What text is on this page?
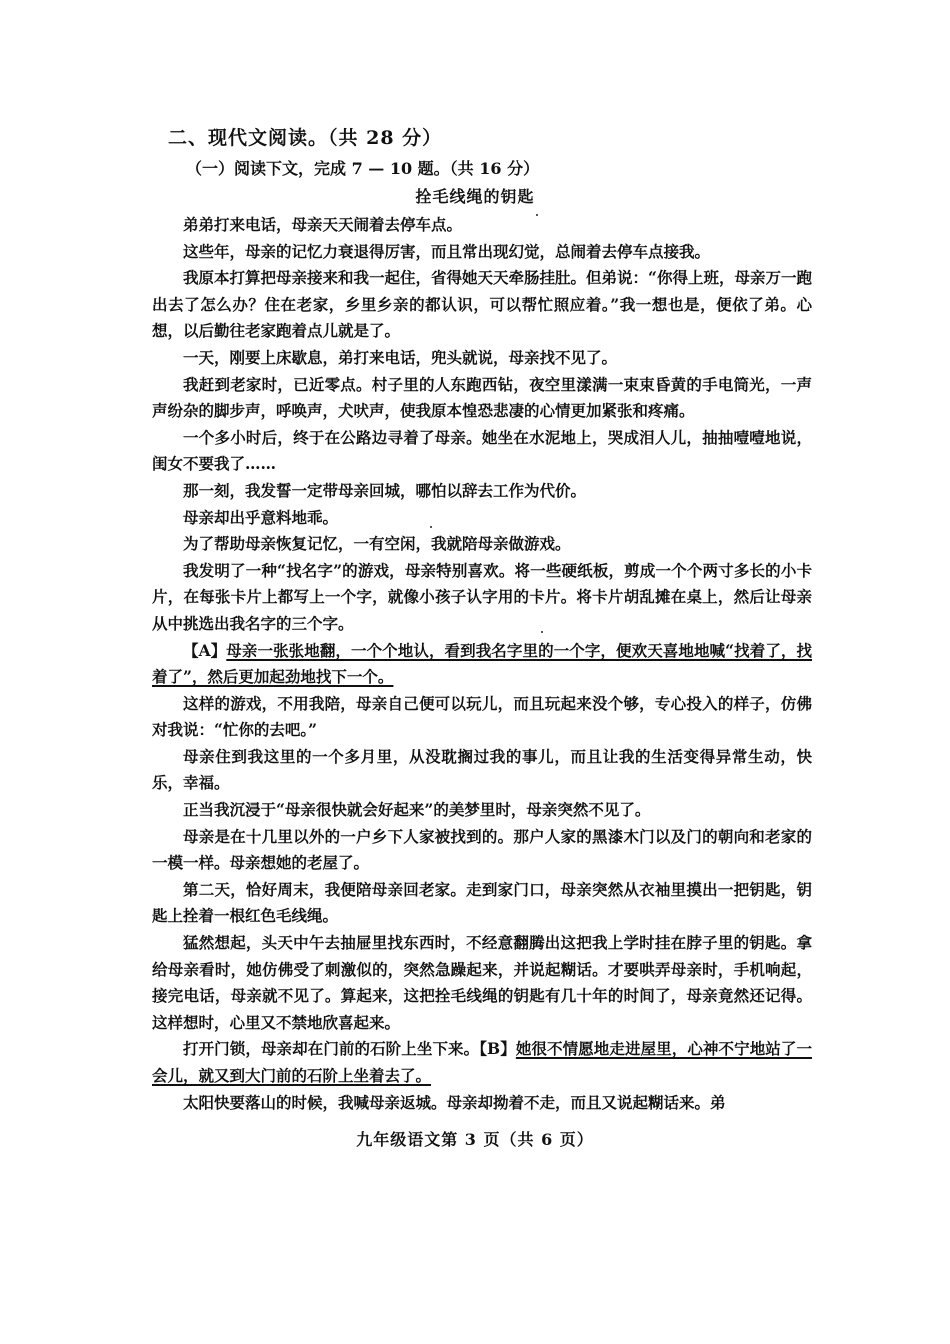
二、现代文阅读。（共 28 分）
（一）阅读下文，完成 7 — 10 题。（共 16 分）
拴毛线绳的钥匙

弟弟打来电话，母亲天天闹着去停车点。

这些年，母亲的记忆力衰退得厉害，而且常出现幻觉，总闹着去停车点接我。

我原本打算把母亲接来和我一起住，省得她天天牵肠挂肚。但弟说：“你得上班，母亲万一跑出去了怎么办？住在老家，乡里乡亲的都认识，可以帮忙照应着。”我一想也是，便依了弟。心想，以后勤往老家跑着点儿就是了。

一天，刚要上床歇息，弟打来电话，兜头就说，母亲找不见了。

我赶到老家时，已近零点。村子里的人东跑西钻，夜空里漾满一束束昏黄的手电筒光，一声声纷杂的脚步声，呼唤声，犬吠声，使我原本惶恐悲凄的心情更加紧张和疼痛。

一个多小时后，终于在公路边寻着了母亲。她坐在水泥地上，哭成泪人儿，抽抽噎噎地说，闺女不要我了……

那一刻，我发誓一定带母亲回城，哪怕以辞去工作为代价。

母亲却出乎意料地乖。

为了帮助母亲恢复记忆，一有空闲，我就陪母亲做游戏。

我发明了一种“找名字”的游戏，母亲特别喜欢。将一些硬纸板，剪成一个个两寸多长的小卡片，在每张卡片上都写上一个字，就像小孩子认字用的卡片。将卡片胡乱摊在桌上，然后让母亲从中挑选出我名字的三个字。

【A】母亲一张张地翻，一个个地认，看到我名字里的一个字，便欢天喜地地喊“找着了，找着了”，然后更加起劲地找下一个。

这样的游戏，不用我陪，母亲自己便可以玩儿，而且玩起来没个够，专心投入的样子，仿佛对我说：“忙你的去吧。”

母亲住到我这里的一个多月里，从没耽搁过我的事儿，而且让我的生活变得异常生动，快乐，幸福。

正当我沉浸于“母亲很快就会好起来”的美梦里时，母亲突然不见了。

母亲是在十几里以外的一户乡下人家被找到的。那户人家的黑漆木门以及门的朝向和老家的一模一样。母亲想她的老屋了。

第二天，恰好周末，我便陪母亲回老家。走到家门口，母亲突然从衣袖里摸出一把钥匙，钥匙上拴着一根红色毛线绳。

猛然想起，头天中午去抽屉里找东西时，不经意翻腾出这把我上学时挂在脖子里的钥匙。拿给母亲看时，她仿佛受了刺激似的，突然急躁起来，并说起糊话。才要哄弄母亲时，手机响起，接完电话，母亲就不见了。算起来，这把拴毛线绳的钥匙有几十年的时间了，母亲竟然还记得。这样想时，心里又不禁地欣喜起来。

打开门锁，母亲却在门前的石阶上坐下来。【B】她很不情愿地走进屋里，心神不宁地站了一会儿，就又到大门前的石阶上坐着去了。

太阳快要落山的时候，我喊母亲返城。母亲却拗着不走，而且又说起糊话来。弟

九年级语文第 3 页（共 6 页）
